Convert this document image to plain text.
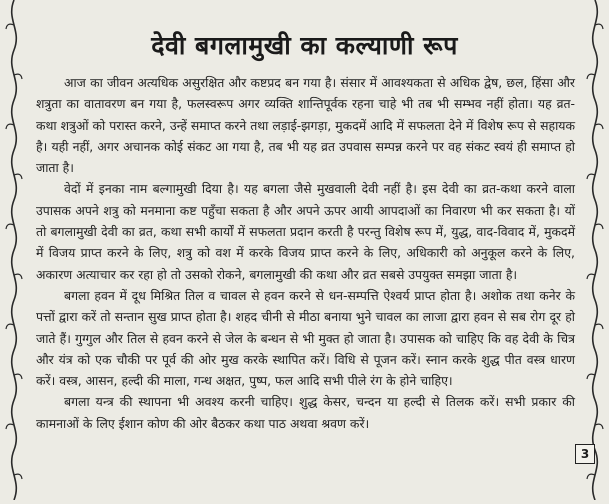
देवी बगलामुखी का कल्याणी रूप

आज का जीवन अत्यधिक असुरक्षित और कष्टप्रद बन गया है। संसार में आवश्यकता से अधिक द्वेष, छल, हिंसा और शत्रुता का वातावरण बन गया है, फलस्वरूप अगर व्यक्ति शान्तिपूर्वक रहना चाहे भी तब भी सम्भव नहीं होता। यह व्रत-कथा शत्रुओं को परास्त करने, उन्हें समाप्त करने तथा लड़ाई-झगड़ा, मुकदमें आदि में सफलता देने में विशेष रूप से सहायक है। यही नहीं, अगर अचानक कोई संकट आ गया है, तब भी यह व्रत उपवास सम्पन्न करने पर वह संकट स्वयं ही समाप्त हो जाता है।

वेदों में इनका नाम बल्गामुखी दिया है। यह बगला जैसे मुखवाली देवी नहीं है। इस देवी का व्रत-कथा करने वाला उपासक अपने शत्रु को मनमाना कष्ट पहुँचा सकता है और अपने ऊपर आयी आपदाओं का निवारण भी कर सकता है। यों तो बगलामुखी देवी का व्रत, कथा सभी कार्यों में सफलता प्रदान करती है परन्तु विशेष रूप में, युद्ध, वाद-विवाद में, मुकदमें में विजय प्राप्त करने के लिए, शत्रु को वश में करके विजय प्राप्त करने के लिए, अधिकारी को अनुकूल करने के लिए, अकारण अत्याचार कर रहा हो तो उसको रोकने, बगलामुखी की कथा और व्रत सबसे उपयुक्त समझा जाता है।

बगला हवन में दूध मिश्रित तिल व चावल से हवन करने से धन-सम्पत्ति ऐश्वर्य प्राप्त होता है। अशोक तथा कनेर के पत्तों द्वारा करें तो सन्तान सुख प्राप्त होता है। शहद चीनी से मीठा बनाया भुने चावल का लाजा द्वारा हवन से सब रोग दूर हो जाते हैं। गुग्गुल और तिल से हवन करने से जेल के बन्धन से भी मुक्त हो जाता है। उपासक को चाहिए कि वह देवी के चित्र और यंत्र को एक चौकी पर पूर्व की ओर मुख करके स्थापित करें। विधि से पूजन करें। स्नान करके शुद्ध पीत वस्त्र धारण करें। वस्त्र, आसन, हल्दी की माला, गन्ध अक्षत, पुष्प, फल आदि सभी पीले रंग के होने चाहिए।

बगला यन्त्र की स्थापना भी अवश्य करनी चाहिए। शुद्ध केसर, चन्दन या हल्दी से तिलक करें। सभी प्रकार की कामनाओं के लिए ईशान कोण की ओर बैठकर कथा पाठ अथवा श्रवण करें।

3
